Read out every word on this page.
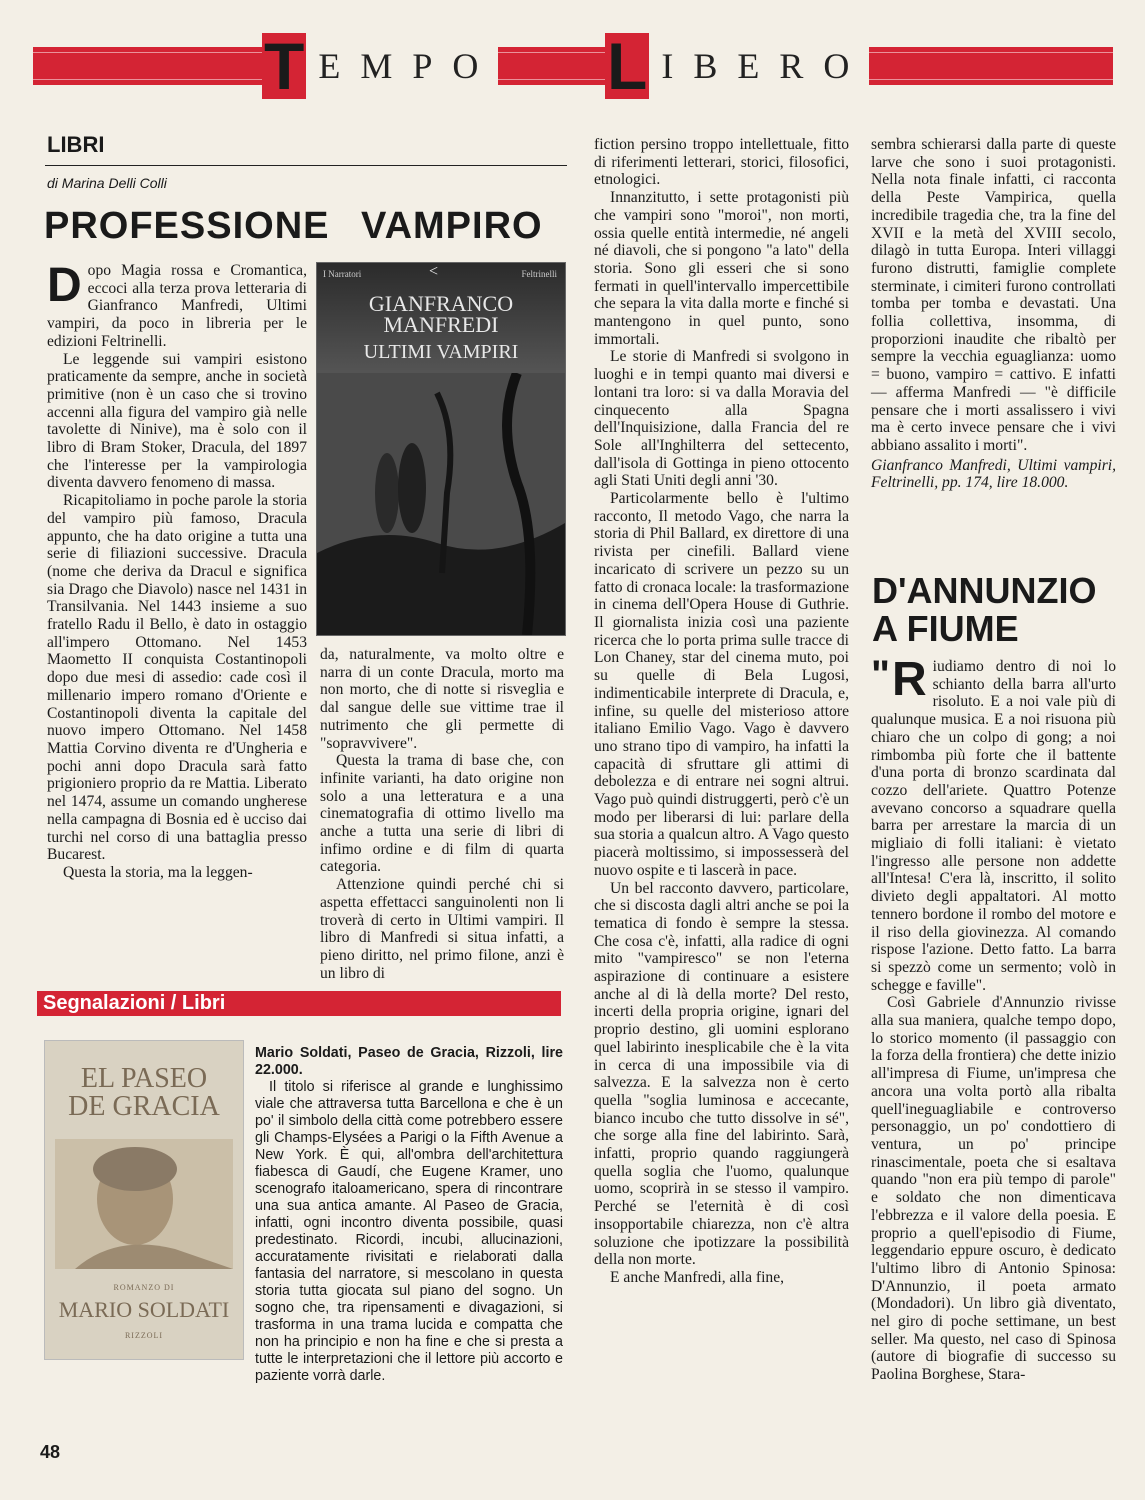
T EMPO L IBERO
LIBRI
di Marina Delli Colli
PROFESSIONE VAMPIRO

Dopo Magia rossa e Cromantica, eccoci alla terza prova letteraria di Gianfranco Manfredi, Ultimi vampiri, da poco in libreria per le edizioni Feltrinelli.

Le leggende sui vampiri esistono praticamente da sempre, anche in società primitive (non è un caso che si trovino accenni alla figura del vampiro già nelle tavolette di Ninive), ma è solo con il libro di Bram Stoker, Dracula, del 1897 che l'interesse per la vampirologia diventa davvero fenomeno di massa.

Ricapitoliamo in poche parole la storia del vampiro più famoso, Dracula appunto, che ha dato origine a tutta una serie di filiazioni successive. Dracula (nome che deriva da Dracul e significa sia Drago che Diavolo) nasce nel 1431 in Transilvania. Nel 1443 insieme a suo fratello Radu il Bello, è dato in ostaggio all'impero Ottomano. Nel 1453 Maometto II conquista Costantinopoli dopo due mesi di assedio: cade così il millenario impero romano d'Oriente e Costantinopoli diventa la capitale del nuovo impero Ottomano. Nel 1458 Mattia Corvino diventa re d'Ungheria e pochi anni dopo Dracula sarà fatto prigioniero proprio da re Mattia. Liberato nel 1474, assume un comando ungherese nella campagna di Bosnia ed è ucciso dai turchi nel corso di una battaglia presso Bucarest.

Questa la storia, ma la leggen-

I Narratori	<	Feltrinelli
GIANFRANCO MANFREDI
ULTIMI VAMPIRI

da, naturalmente, va molto oltre e narra di un conte Dracula, morto ma non morto, che di notte si risveglia e dal sangue delle sue vittime trae il nutrimento che gli permette di "sopravvivere".

Questa la trama di base che, con infinite varianti, ha dato origine non solo a una letteratura e a una cinematografia di ottimo livello ma anche a tutta una serie di libri di infimo ordine e di film di quarta categoria.

Attenzione quindi perché chi si aspetta effettacci sanguinolenti non li troverà di certo in Ultimi vampiri. Il libro di Manfredi si situa infatti, a pieno diritto, nel primo filone, anzi è un libro di

fiction persino troppo intellettuale, fitto di riferimenti letterari, storici, filosofici, etnologici.

Innanzitutto, i sette protagonisti più che vampiri sono "moroi", non morti, ossia quelle entità intermedie, né angeli né diavoli, che si pongono "a lato" della storia. Sono gli esseri che si sono fermati in quell'intervallo impercettibile che separa la vita dalla morte e finché si mantengono in quel punto, sono immortali.

Le storie di Manfredi si svolgono in luoghi e in tempi quanto mai diversi e lontani tra loro: si va dalla Moravia del cinquecento alla Spagna dell'Inquisizione, dalla Francia del re Sole all'Inghilterra del settecento, dall'isola di Gottinga in pieno ottocento agli Stati Uniti degli anni '30.

Particolarmente bello è l'ultimo racconto, Il metodo Vago, che narra la storia di Phil Ballard, ex direttore di una rivista per cinefili. Ballard viene incaricato di scrivere un pezzo su un fatto di cronaca locale: la trasformazione in cinema dell'Opera House di Guthrie. Il giornalista inizia così una paziente ricerca che lo porta prima sulle tracce di Lon Chaney, star del cinema muto, poi su quelle di Bela Lugosi, indimenticabile interprete di Dracula, e, infine, su quelle del misterioso attore italiano Emilio Vago. Vago è davvero uno strano tipo di vampiro, ha infatti la capacità di sfruttare gli attimi di debolezza e di entrare nei sogni altrui. Vago può quindi distruggerti, però c'è un modo per liberarsi di lui: parlare della sua storia a qualcun altro. A Vago questo piacerà moltissimo, si impossesserà del nuovo ospite e ti lascerà in pace.

Un bel racconto davvero, particolare, che si discosta dagli altri anche se poi la tematica di fondo è sempre la stessa. Che cosa c'è, infatti, alla radice di ogni mito "vampiresco" se non l'eterna aspirazione di continuare a esistere anche al di là della morte? Del resto, incerti della propria origine, ignari del proprio destino, gli uomini esplorano quel labirinto inesplicabile che è la vita in cerca di una impossibile via di salvezza. E la salvezza non è certo quella "soglia luminosa e accecante, bianco incubo che tutto dissolve in sé", che sorge alla fine del labirinto. Sarà, infatti, proprio quando raggiungerà quella soglia che l'uomo, qualunque uomo, scoprirà in se stesso il vampiro. Perché se l'eternità è di così insopportabile chiarezza, non c'è altra soluzione che ipotizzare la possibilità della non morte.

E anche Manfredi, alla fine,

sembra schierarsi dalla parte di queste larve che sono i suoi protagonisti. Nella nota finale infatti, ci racconta della Peste Vampirica, quella incredibile tragedia che, tra la fine del XVII e la metà del XVIII secolo, dilagò in tutta Europa. Interi villaggi furono distrutti, famiglie complete sterminate, i cimiteri furono controllati tomba per tomba e devastati. Una follia collettiva, insomma, di proporzioni inaudite che ribaltò per sempre la vecchia eguaglianza: uomo = buono, vampiro = cattivo. E infatti — afferma Manfredi — "è difficile pensare che i morti assalissero i vivi ma è certo invece pensare che i vivi abbiano assalito i morti".

Gianfranco Manfredi, Ultimi vampiri, Feltrinelli, pp. 174, lire 18.000.

D'ANNUNZIO
A FIUME

" R iudiamo dentro di noi lo schianto della barra all'urto risoluto. E a noi vale più di qualunque musica. E a noi risuona più chiaro che un colpo di gong; a noi rimbomba più forte che il battente d'una porta di bronzo scardinata dal cozzo dell'ariete. Quattro Potenze avevano concorso a squadrare quella barra per arrestare la marcia di un migliaio di folli italiani: è vietato l'ingresso alle persone non addette all'Intesa! C'era là, inscritto, il solito divieto degli appaltatori. Al motto tennero bordone il rombo del motore e il riso della giovinezza. Al comando rispose l'azione. Detto fatto. La barra si spezzò come un sermento; volò in schegge e faville".

Così Gabriele d'Annunzio rivisse alla sua maniera, qualche tempo dopo, lo storico momento (il passaggio con la forza della frontiera) che dette inizio all'impresa di Fiume, un'impresa che ancora una volta portò alla ribalta quell'ineguagliabile e controverso personaggio, un po' condottiero di ventura, un po' principe rinascimentale, poeta che si esaltava quando "non era più tempo di parole" e soldato che non dimenticava l'ebbrezza e il valore della poesia. E proprio a quell'episodio di Fiume, leggendario eppure oscuro, è dedicato l'ultimo libro di Antonio Spinosa: D'Annunzio, il poeta armato (Mondadori). Un libro già diventato, nel giro di poche settimane, un best seller. Ma questo, nel caso di Spinosa (autore di biografie di successo su Paolina Borghese, Stara-

Segnalazioni / Libri
EL PASEO
DE GRACIA
ROMANZO DI
MARIO SOLDATI
RIZZOLI
Mario Soldati, Paseo de Gracia, Rizzoli, lire 22.000.
Il titolo si riferisce al grande e lunghissimo viale che attraversa tutta Barcellona e che è un po' il simbolo della città come potrebbero essere gli Champs-Elysées a Parigi o la Fifth Avenue a New York. È qui, all'ombra dell'architettura fiabesca di Gaudí, che Eugene Kramer, uno scenografo italoamericano, spera di rincontrare una sua antica amante. Al Paseo de Gracia, infatti, ogni incontro diventa possibile, quasi predestinato. Ricordi, incubi, allucinazioni, accuratamente rivisitati e rielaborati dalla fantasia del narratore, si mescolano in questa storia tutta giocata sul piano del sogno. Un sogno che, tra ripensamenti e divagazioni, si trasforma in una trama lucida e compatta che non ha principio e non ha fine e che si presta a tutte le interpretazioni che il lettore più accorto e paziente vorrà darle.
48
